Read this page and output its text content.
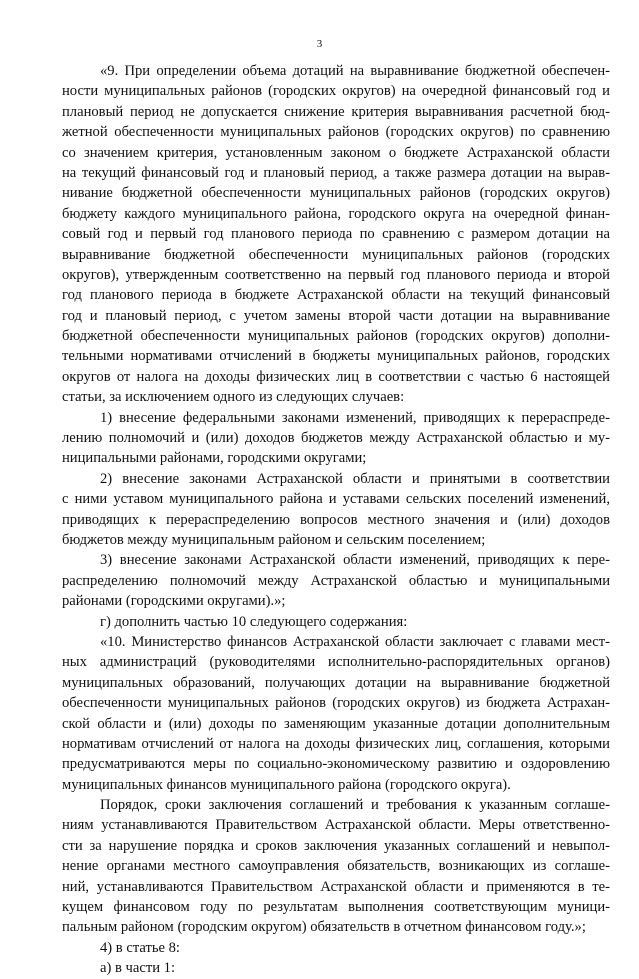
3
«9. При определении объема дотаций на выравнивание бюджетной обеспечен-
ности муниципальных районов (городских округов) на очередной финансовый год и
плановый период не допускается снижение критерия выравнивания расчетной бюд-
жетной обеспеченности муниципальных районов (городских округов) по сравнению
со значением критерия, установленным законом о бюджете Астраханской области
на текущий финансовый год и плановый период, а также размера дотации на вырав-
нивание бюджетной обеспеченности муниципальных районов (городских округов)
бюджету каждого муниципального района, городского округа на очередной финан-
совый год и первый год планового периода по сравнению с размером дотации на
выравнивание бюджетной обеспеченности муниципальных районов (городских
округов), утвержденным соответственно на первый год планового периода и второй
год планового периода в бюджете Астраханской области на текущий финансовый
год и плановый период, с учетом замены второй части дотации на выравнивание
бюджетной обеспеченности муниципальных районов (городских округов) дополни-
тельными нормативами отчислений в бюджеты муниципальных районов, городских
округов от налога на доходы физических лиц в соответствии с частью 6 настоящей
статьи, за исключением одного из следующих случаев:
1) внесение федеральными законами изменений, приводящих к перераспреде-
лению полномочий и (или) доходов бюджетов между Астраханской областью и му-
ниципальными районами, городскими округами;
2) внесение законами Астраханской области и принятыми в соответствии
с ними уставом муниципального района и уставами сельских поселений изменений,
приводящих к перераспределению вопросов местного значения и (или) доходов
бюджетов между муниципальным районом и сельским поселением;
3) внесение законами Астраханской области изменений, приводящих к пере-
распределению полномочий между Астраханской областью и муниципальными
районами (городскими округами).»;
г) дополнить частью 10 следующего содержания:
«10. Министерство финансов Астраханской области заключает с главами мест-
ных администраций (руководителями исполнительно-распорядительных органов)
муниципальных образований, получающих дотации на выравнивание бюджетной
обеспеченности муниципальных районов (городских округов) из бюджета Астрахан-
ской области и (или) доходы по заменяющим указанные дотации дополнительным
нормативам отчислений от налога на доходы физических лиц, соглашения, которыми
предусматриваются меры по социально-экономическому развитию и оздоровлению
муниципальных финансов муниципального района (городского округа).
Порядок, сроки заключения соглашений и требования к указанным соглаше-
ниям устанавливаются Правительством Астраханской области. Меры ответственно-
сти за нарушение порядка и сроков заключения указанных соглашений и невыпол-
нение органами местного самоуправления обязательств, возникающих из соглаше-
ний, устанавливаются Правительством Астраханской области и применяются в те-
кущем финансовом году по результатам выполнения соответствующим муници-
пальным районом (городским округом) обязательств в отчетном финансовом году.»;
4) в статье 8:
а) в части 1:
